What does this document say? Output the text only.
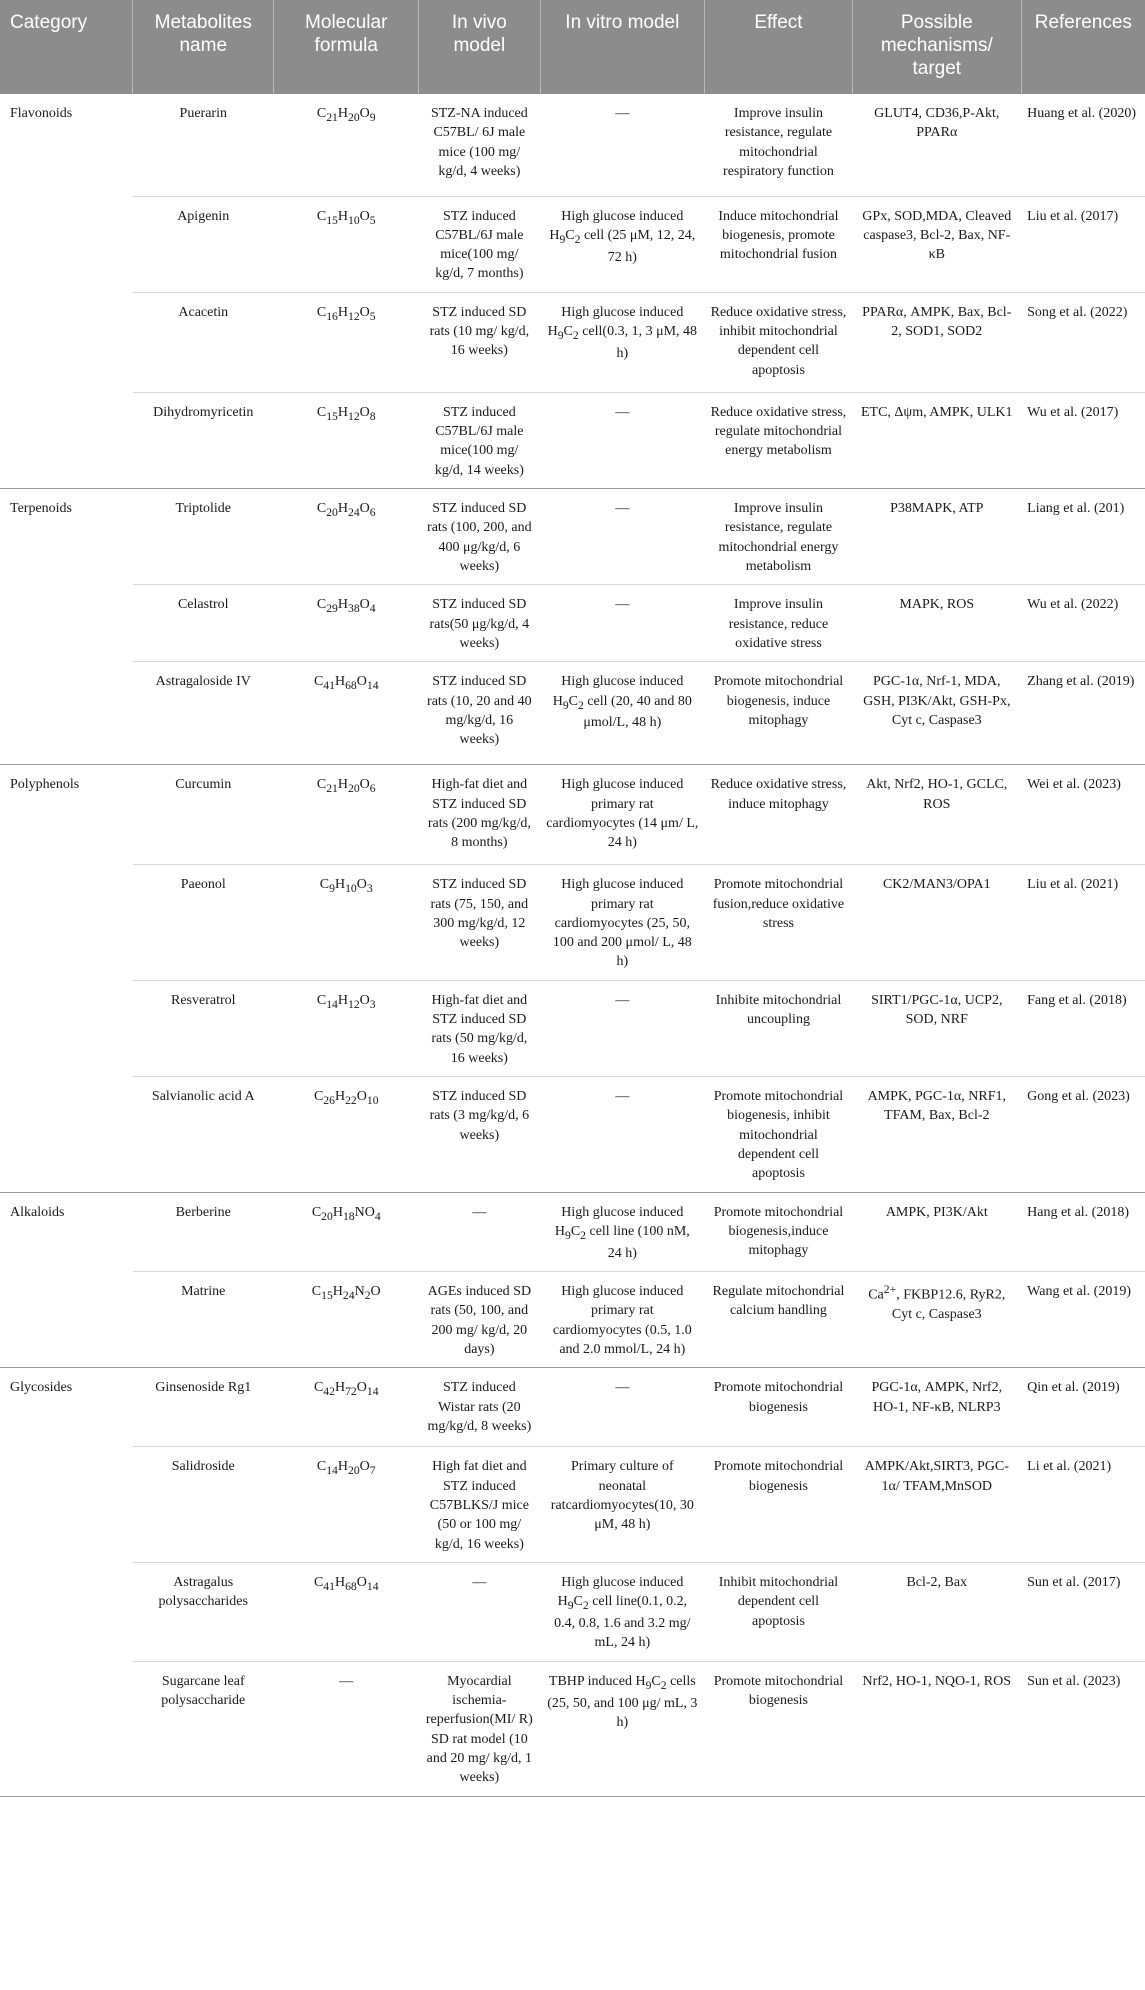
Category	Metabolites name	Molecular formula	In vivo model	In vitro model	Effect	Possible mechanisms/ target	References
Flavonoids	Puerarin	$C_{21}H_{20}O_9$	STZ-NA induced C57BL/ 6J male mice (100 mg/ kg/d, 4 weeks)	—	Improve insulin resistance, regulate mitochondrial respiratory function	GLUT4, CD36,P-Akt, PPARα	Huang et al. (2020)
	Apigenin	$C_{15}H_{10}O_5$	STZ induced C57BL/6J male mice(100 mg/ kg/d, 7 months)	High glucose induced $H_9C_2$ cell (25 μM, 12, 24, 72 h)	Induce mitochondrial biogenesis, promote mitochondrial fusion	GPx, SOD,MDA, Cleaved caspase3, Bcl-2, Bax, NF-κB	Liu et al. (2017)
	Acacetin	$C_{16}H_{12}O_5$	STZ induced SD rats (10 mg/ kg/d, 16 weeks)	High glucose induced $H_9C_2$ cell(0.3, 1, 3 μM, 48 h)	Reduce oxidative stress, inhibit mitochondrial dependent cell apoptosis	PPARα, AMPK, Bax, Bcl-2, SOD1, SOD2	Song et al. (2022)
	Dihydromyricetin	$C_{15}H_{12}O_8$	STZ induced C57BL/6J male mice(100 mg/ kg/d, 14 weeks)	—	Reduce oxidative stress, regulate mitochondrial energy metabolism	ETC, Δψm, AMPK, ULK1	Wu et al. (2017)
Terpenoids	Triptolide	$C_{20}H_{24}O_6$	STZ induced SD rats (100, 200, and 400 μg/kg/d, 6 weeks)	—	Improve insulin resistance, regulate mitochondrial energy metabolism	P38MAPK, ATP	Liang et al. (201)
	Celastrol	$C_{29}H_{38}O_4$	STZ induced SD rats(50 μg/kg/d, 4 weeks)	—	Improve insulin resistance, reduce oxidative stress	MAPK, ROS	Wu et al. (2022)
	Astragaloside IV	$C_{41}H_{68}O_{14}$	STZ induced SD rats (10, 20 and 40 mg/kg/d, 16 weeks)	High glucose induced $H_9C_2$ cell (20, 40 and 80 μmol/L, 48 h)	Promote mitochondrial biogenesis, induce mitophagy	PGC-1α, Nrf-1, MDA, GSH, PI3K/Akt, GSH-Px, Cyt c, Caspase3	Zhang et al. (2019)
Polyphenols	Curcumin	$C_{21}H_{20}O_6$	High-fat diet and STZ induced SD rats (200 mg/kg/d, 8 months)	High glucose induced primary rat cardiomyocytes (14 μm/ L, 24 h)	Reduce oxidative stress, induce mitophagy	Akt, Nrf2, HO-1, GCLC, ROS	Wei et al. (2023)
	Paeonol	$C_9H_{10}O_3$	STZ induced SD rats (75, 150, and 300 mg/kg/d, 12 weeks)	High glucose induced primary rat cardiomyocytes (25, 50, 100 and 200 μmol/ L, 48 h)	Promote mitochondrial fusion,reduce oxidative stress	CK2/MAN3/OPA1	Liu et al. (2021)
	Resveratrol	$C_{14}H_{12}O_3$	High-fat diet and STZ induced SD rats (50 mg/kg/d, 16 weeks)	—	Inhibite mitochondrial uncoupling	SIRT1/PGC-1α, UCP2, SOD, NRF	Fang et al. (2018)
	Salvianolic acid A	$C_{26}H_{22}O_{10}$	STZ induced SD rats (3 mg/kg/d, 6 weeks)	—	Promote mitochondrial biogenesis, inhibit mitochondrial dependent cell apoptosis	AMPK, PGC-1α, NRF1, TFAM, Bax, Bcl-2	Gong et al. (2023)
Alkaloids	Berberine	$C_{20}H_{18}NO_4$	—	High glucose induced $H_9C_2$ cell line (100 nM, 24 h)	Promote mitochondrial biogenesis,induce mitophagy	AMPK, PI3K/Akt	Hang et al. (2018)
	Matrine	$C_{15}H_{24}N_2O$	AGEs induced SD rats (50, 100, and 200 mg/ kg/d, 20 days)	High glucose induced primary rat cardiomyocytes (0.5, 1.0 and 2.0 mmol/L, 24 h)	Regulate mitochondrial calcium handling	$Ca^{2+}$, FKBP12.6, RyR2, Cyt c, Caspase3	Wang et al. (2019)
Glycosides	Ginsenoside Rg1	$C_{42}H_{72}O_{14}$	STZ induced Wistar rats (20 mg/kg/d, 8 weeks)	—	Promote mitochondrial biogenesis	PGC-1α, AMPK, Nrf2, HO-1, NF-κB, NLRP3	Qin et al. (2019)
	Salidroside	$C_{14}H_{20}O_7$	High fat diet and STZ induced C57BLKS/J mice (50 or 100 mg/ kg/d, 16 weeks)	Primary culture of neonatal ratcardiomyocytes(10, 30 μM, 48 h)	Promote mitochondrial biogenesis	AMPK/Akt,SIRT3, PGC-1α/ TFAM,MnSOD	Li et al. (2021)
	Astragalus polysaccharides	$C_{41}H_{68}O_{14}$	—	High glucose induced $H_9C_2$ cell line(0.1, 0.2, 0.4, 0.8, 1.6 and 3.2 mg/ mL, 24 h)	Inhibit mitochondrial dependent cell apoptosis	Bcl-2, Bax	Sun et al. (2017)
	Sugarcane leaf polysaccharide	—	Myocardial ischemia-reperfusion(MI/ R) SD rat model (10 and 20 mg/ kg/d, 1 weeks)	TBHP induced $H_9C_2$ cells (25, 50, and 100 μg/ mL, 3 h)	Promote mitochondrial biogenesis	Nrf2, HO-1, NQO-1, ROS	Sun et al. (2023)
